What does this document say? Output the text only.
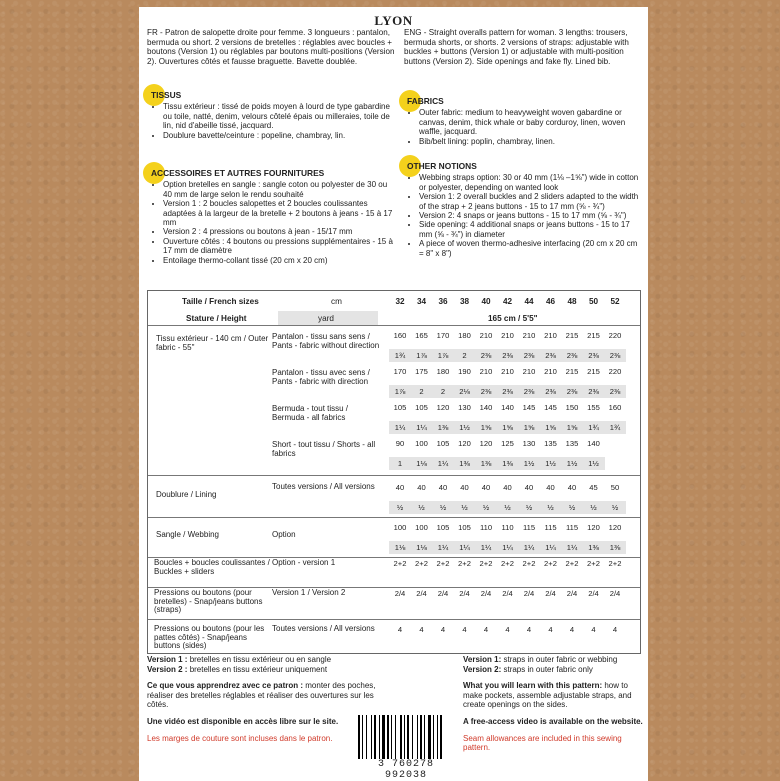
LYON

FR - Patron de salopette droite pour femme. 3 longueurs : pantalon, bermuda ou short. 2 versions de bretelles : réglables avec boucles + boutons (Version 1) ou réglables par boutons multi-positions (Version 2). Ouvertures côtés et fausse braguette. Bavette doublée.

ENG - Straight overalls pattern for woman. 3 lengths: trousers, bermuda shorts, or shorts. 2 versions of straps: adjustable with buckles + buttons (Version 1) or adjustable with multi-position buttons (Version 2). Side openings and fake fly. Lined bib.

TISSUS
• Tissu extérieur : tissé de poids moyen à lourd de type gabardine ou toile, natté, denim, velours côtelé épais ou milleraies, toile de lin, nid d'abeille tissé, jacquard.
• Doublure bavette/ceinture : popeline, chambray, lin.
FABRICS
• Outer fabric: medium to heavyweight woven gabardine or canvas, denim, thick whale or baby corduroy, linen, woven waffle, jacquard.
• Bib/belt lining: poplin, chambray, linen.
ACCESSOIRES ET AUTRES FOURNITURES
• Option bretelles en sangle : sangle coton ou polyester de 30 ou 40 mm de large selon le rendu souhaité
• Version 1 : 2 boucles salopettes et 2 boucles coulissantes adaptées à la largeur de la bretelle + 2 boutons à jeans - 15 à 17 mm
• Version 2 : 4 pressions ou boutons à jean - 15/17 mm
• Ouverture côtés : 4 boutons ou pressions supplémentaires - 15 à 17 mm de diamètre
• Entoilage thermo-collant tissé (20 cm x 20 cm)
OTHER NOTIONS
• Webbing straps option: 30 or 40 mm (1⅛ –1⅝") wide in cotton or polyester, depending on wanted look
• Version 1: 2 overall buckles and 2 sliders adapted to the width of the strap + 2 jeans buttons - 15 to 17 mm (⅝ - ¾")
• Version 2: 4 snaps or jeans buttons - 15 to 17 mm (⅝ - ¾")
• Side opening: 4 additional snaps or jeans buttons - 15 to 17 mm (⅝ - ¾") in diameter
• A piece of woven thermo-adhesive interfacing (20 cm x 20 cm = 8" x 8")
Taille / French sizes	cm
Stature / Height	yard	165 cm / 5'5"
Tissu extérieur - 140 cm / Outer fabric - 55"
32	34	36	38	40	42	44	46	48	50	52
Pantalon - tissu sans sens / Pants - fabric without direction
160	165	170	180	210	210	210	210	215	215	220
1¾	1⅞	1⅞	2	2⅜	2⅜	2⅜	2⅜	2⅜	2⅜	2⅜
Pantalon - tissu avec sens / Pants - fabric with direction
170	175	180	190	210	210	210	210	215	215	220
1⅞	2	2	2⅛	2⅜	2⅜	2⅜	2⅜	2⅜	2⅜	2⅜
Bermuda - tout tissu / Bermuda - all fabrics
105	105	120	130	140	140	145	145	150	155	160
1¼	1¼	1⅜	1½	1⅝	1⅝	1⅝	1⅝	1⅝	1¾	1¾
Short - tout tissu / Shorts - all fabrics
90	100	105	120	120	125	130	135	135	140
1	1⅛	1¼	1⅜	1⅜	1⅜	1½	1½	1½	1½
Doublure / Lining
Toutes versions / All versions	40	40	40	40	40	40	40	40	40	45	50
½	½	½	½	½	½	½	½	½	½	½
Sangle / Webbing	Option
100	100	105	105	110	110	115	115	115	120	120
1⅛	1⅛	1¼	1¼	1¼	1¼	1¼	1¼	1¼	1⅜	1⅜
Boucles + boucles coulissantes / Buckles + sliders
Option - version 1	2+2	2+2	2+2	2+2	2+2	2+2	2+2	2+2	2+2	2+2	2+2
Pressions ou boutons (pour bretelles) - Snap/jeans buttons (straps)
Version 1 / Version 2	2/4	2/4	2/4	2/4	2/4	2/4	2/4	2/4	2/4	2/4	2/4
Pressions ou boutons (pour les pattes côtés) - Snap/jeans buttons (sides)
Toutes versions / All versions	4	4	4	4	4	4	4	4	4	4	4
Version 1 : bretelles en tissu extérieur ou en sangle
Version 2 : bretelles en tissu extérieur uniquement
Ce que vous apprendrez avec ce patron : monter des poches, réaliser des bretelles réglables et réaliser des ouvertures sur les côtés.
Une vidéo est disponible en accès libre sur le site.
Les marges de couture sont incluses dans le patron.
Version 1: straps in outer fabric or webbing
Version 2: straps in outer fabric only
What you will learn with this pattern: how to make pockets, assemble adjustable straps, and create openings on the sides.
A free-access video is available on the website.
Seam allowances are included in this sewing pattern.
3 760278 992038
